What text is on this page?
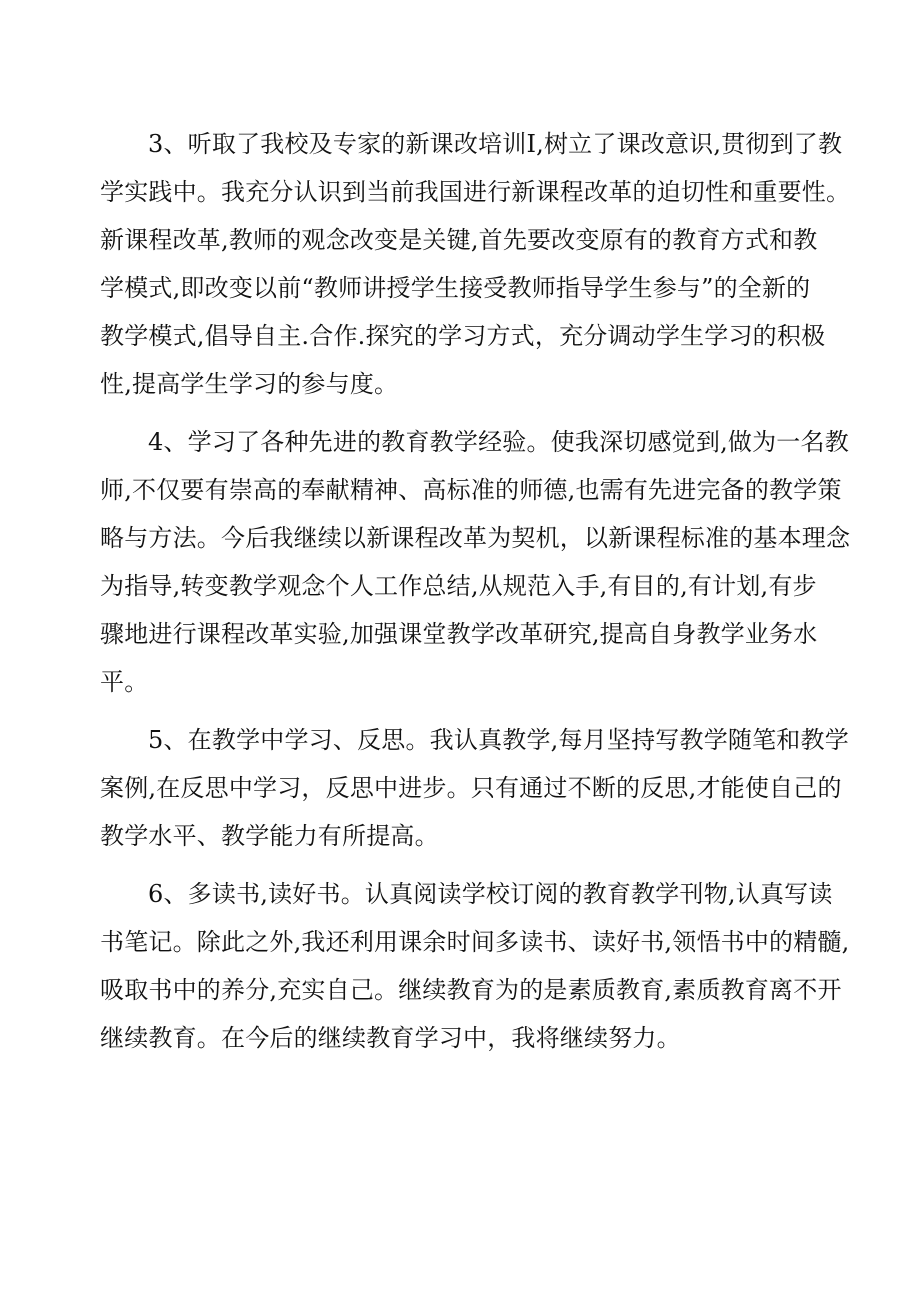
3、听取了我校及专家的新课改培训I,树立了课改意识,贯彻到了教
学实践中。我充分认识到当前我国进行新课程改革的迫切性和重要性。
新课程改革,教师的观念改变是关键,首先要改变原有的教育方式和教
学模式,即改变以前“教师讲授学生接受教师指导学生参与”的全新的
教学模式,倡导自主.合作.探究的学习方式，充分调动学生学习的积极
性,提高学生学习的参与度。
4、学习了各种先进的教育教学经验。使我深切感觉到,做为一名教
师,不仅要有崇高的奉献精神、高标准的师德,也需有先进完备的教学策
略与方法。今后我继续以新课程改革为契机，以新课程标准的基本理念
为指导,转变教学观念个人工作总结,从规范入手,有目的,有计划,有步
骤地进行课程改革实验,加强课堂教学改革研究,提高自身教学业务水
平。
5、在教学中学习、反思。我认真教学,每月坚持写教学随笔和教学
案例,在反思中学习，反思中进步。只有通过不断的反思,才能使自己的
教学水平、教学能力有所提高。
6、多读书,读好书。认真阅读学校订阅的教育教学刊物,认真写读
书笔记。除此之外,我还利用课余时间多读书、读好书,领悟书中的精髓,
吸取书中的养分,充实自己。继续教育为的是素质教育,素质教育离不开
继续教育。在今后的继续教育学习中，我将继续努力。
